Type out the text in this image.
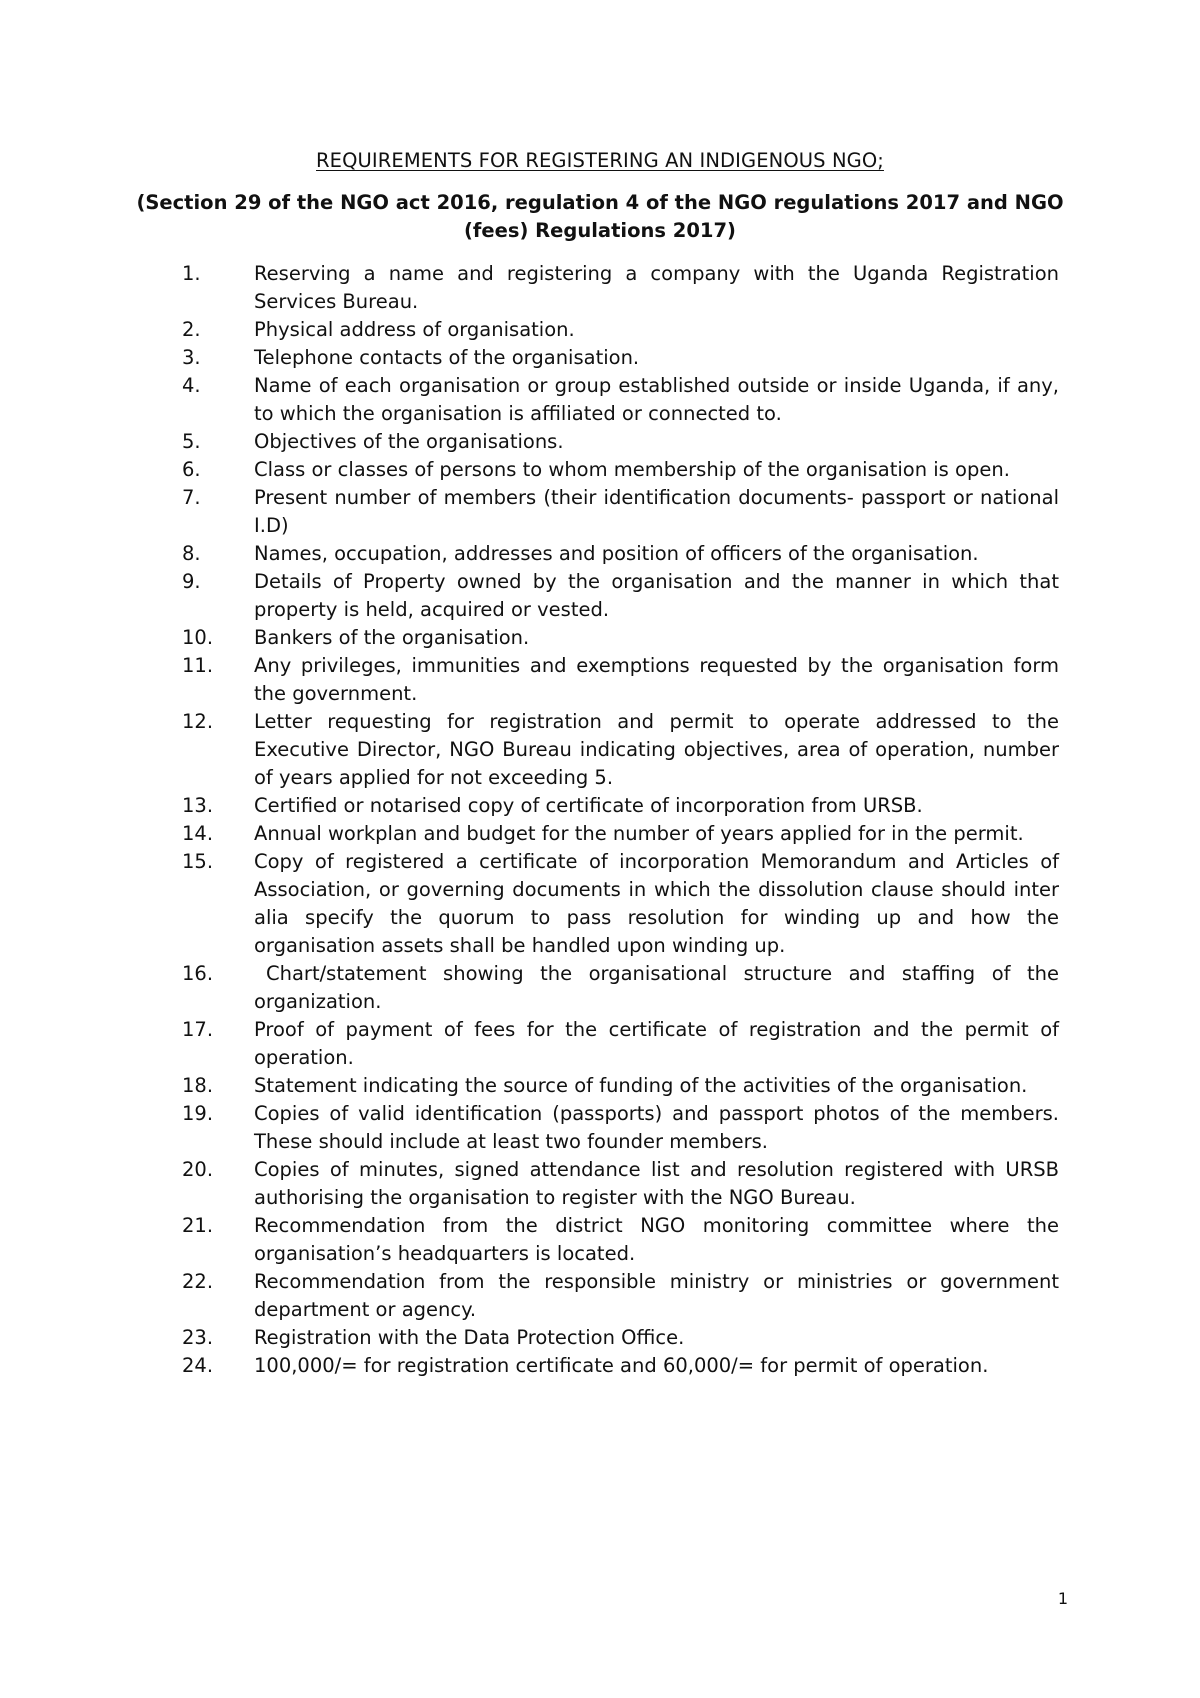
REQUIREMENTS FOR REGISTERING AN INDIGENOUS NGO;
(Section 29 of the NGO act 2016, regulation 4 of the NGO regulations 2017 and NGO (fees) Regulations 2017)
1.	Reserving a name and registering a company with the Uganda Registration Services Bureau.
2.	Physical address of organisation.
3.	Telephone contacts of the organisation.
4.	Name of each organisation or group established outside or inside Uganda, if any, to which the organisation is affiliated or connected to.
5.	Objectives of the organisations.
6.	Class or classes of persons to whom membership of the organisation is open.
7.	Present number of members (their identification documents- passport or national I.D)
8.	Names, occupation, addresses and position of officers of the organisation.
9.	Details of Property owned by the organisation and the manner in which that property is held, acquired or vested.
10. Bankers of the organisation.
11. Any privileges, immunities and exemptions requested by the organisation form the government.
12. Letter requesting for registration and permit to operate addressed to the Executive Director, NGO Bureau indicating objectives, area of operation, number of years applied for not exceeding 5.
13. Certified or notarised copy of certificate of incorporation from URSB.
14. Annual workplan and budget for the number of years applied for in the permit.
15. Copy of registered a certificate of incorporation Memorandum and Articles of Association, or governing documents in which the dissolution clause should inter alia specify the quorum to pass resolution for winding up and how the organisation assets shall be handled upon winding up.
16.	Chart/statement showing the organisational structure and staffing of the organization.
17. Proof of payment of fees for the certificate of registration and the permit of operation.
18. Statement indicating the source of funding of the activities of the organisation.
19. Copies of valid identification (passports) and passport photos of the members. These should include at least two founder members.
20. Copies of minutes, signed attendance list and resolution registered with URSB authorising the organisation to register with the NGO Bureau.
21. Recommendation from the district NGO monitoring committee where the organisation’s headquarters is located.
22. Recommendation from the responsible ministry or ministries or government department or agency.
23. Registration with the Data Protection Office.
24. 100,000/= for registration certificate and 60,000/= for permit of operation.
1
